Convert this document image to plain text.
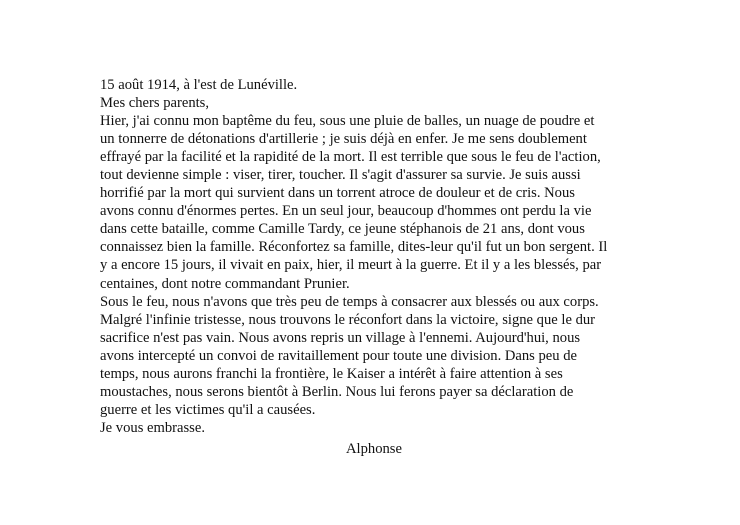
15 août 1914, à l'est de Lunéville.
Mes chers parents,
Hier, j'ai connu mon baptême du feu, sous une pluie de balles, un nuage de poudre et
un tonnerre de détonations d'artillerie ; je suis déjà en enfer. Je me sens doublement
effrayé par la facilité et la rapidité de la mort. Il est terrible que sous le feu de l'action,
tout devienne simple : viser, tirer, toucher. Il s'agit d'assurer sa survie. Je suis aussi
horrifié par la mort qui survient dans un torrent atroce de douleur et de cris. Nous
avons connu d'énormes pertes. En un seul jour, beaucoup d'hommes ont perdu la vie
dans cette bataille, comme Camille Tardy, ce jeune stéphanois de 21 ans, dont vous
connaissez bien la famille. Réconfortez sa famille, dites-leur qu'il fut un bon sergent. Il
y a encore 15 jours, il vivait en paix, hier, il meurt à la guerre. Et il y a les blessés, par
centaines, dont notre commandant Prunier.
Sous le feu, nous n'avons que très peu de temps à consacrer aux blessés ou aux corps.
Malgré l'infinie tristesse, nous trouvons le réconfort dans la victoire, signe que le dur
sacrifice n'est pas vain. Nous avons repris un village à l'ennemi. Aujourd'hui, nous
avons intercepté un convoi de ravitaillement pour toute une division. Dans peu de
temps, nous aurons franchi la frontière, le Kaiser a intérêt à faire attention à ses
moustaches, nous serons bientôt à Berlin. Nous lui ferons payer sa déclaration de
guerre et les victimes qu'il a causées.
Je vous embrasse.
Alphonse
